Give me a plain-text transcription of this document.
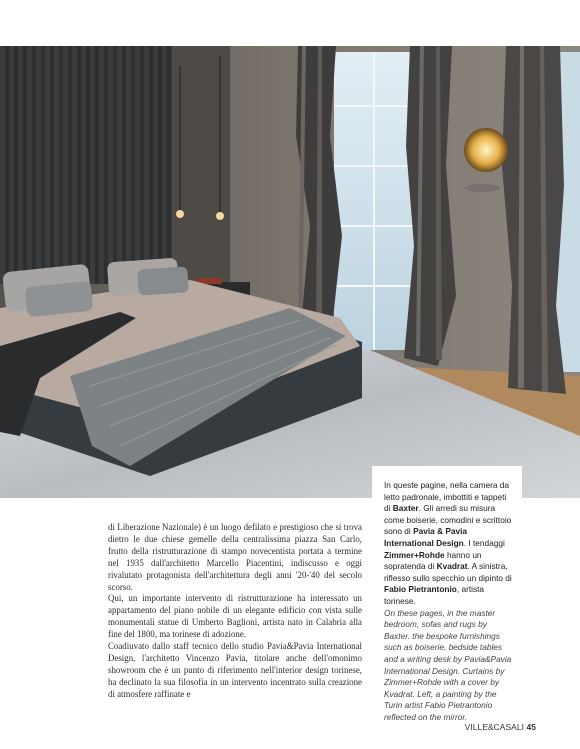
In queste pagine, nella camera da letto padronale, imbottiti e tappeti di Baxter. Gli arredi su misura come boiserie, comodini e scrittoio sono di Pavia & Pavia International Design. I tendaggi Zimmer+Rohde hanno un sopratenda di Kvadrat. A sinistra, riflesso sullo specchio un dipinto di Fabio Pietrantonio, artista torinese.
On these pages, in the master bedroom, sofas and rugs by Baxter. the bespoke furnishings such as boiserie, bedside tables and a writing desk by Pavia&Pavia International Design. Curtains by Zimmer+Rohde with a cover by Kvadrat. Left, a painting by the Turin artist Fabio Pietrantonio reflected on the mirror.

di Liberazione Nazionale) è un luogo defilato e prestigioso che si trova dietro le due chiese gemelle della centralissima piazza San Carlo, frutto della ristrutturazione di stampo novecentista portata a termine nel 1935 dall'architetto Marcello Piacentini, indiscusso e oggi rivalutato protagonista dell'architettura degli anni '20-'40 del secolo scorso.

Qui, un importante intervento di ristrutturazione ha interessato un appartamento del piano nobile di un elegante edificio con vista sulle monumentali statue di Umberto Baglioni, artista nato in Calabria alla fine del 1800, ma torinese di adozione.

Coadiuvato dallo staff tecnico dello studio Pavia&Pavia International Design, l'architetto Vincenzo Pavia, titolare anche dell'omonimo showroom che è un punto di riferimento nell'interior design torinese, ha declinato la sua filosofia in un intervento incentrato sulla creazione di atmosfere raffinate e

VILLE&CASALI 45
